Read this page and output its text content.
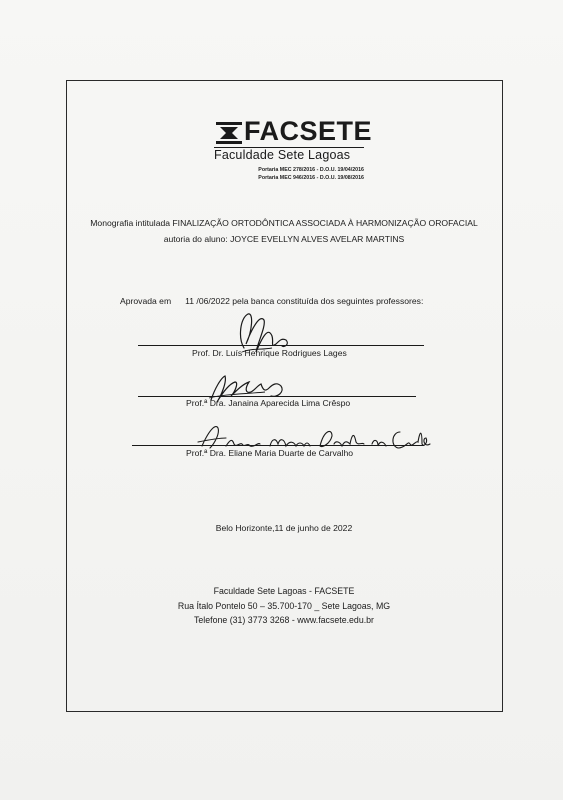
FACSETE
Faculdade Sete Lagoas
Portaria MEC 278/2016 - D.O.U. 19/04/2016
Portaria MEC 946/2016 - D.O.U. 19/08/2016
Monografia intitulada FINALIZAÇÃO ORTODÔNTICA ASSOCIADA À HARMONIZAÇÃO OROFACIAL
autoria do aluno: JOYCE EVELLYN ALVES AVELAR MARTINS
Aprovada em 11 /06/2022 pela banca constituída dos seguintes professores:
Prof. Dr. Luís Henrique Rodrigues Lages
Prof.ª Dra. Janaina Aparecida Lima Crêspo
Prof.ª Dra. Eliane Maria Duarte de Carvalho
Belo Horizonte,11 de junho de 2022
Faculdade Sete Lagoas - FACSETE
Rua Ítalo Pontelo 50 – 35.700-170 _ Sete Lagoas, MG
Telefone (31) 3773 3268 - www.facsete.edu.br
